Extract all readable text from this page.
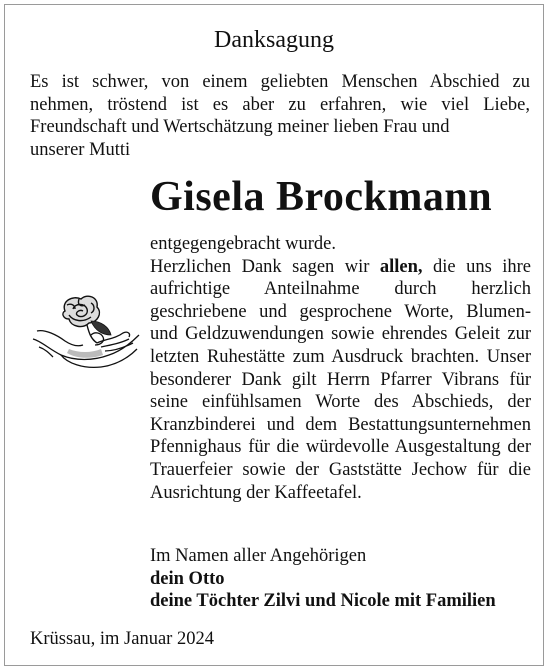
Danksagung
Es ist schwer, von einem geliebten Menschen Abschied zu nehmen, tröstend ist es aber zu erfahren, wie viel Liebe, Freundschaft und Wertschätzung meiner lieben Frau und
unserer Mutti
Gisela Brockmann

entgegengebracht wurde.

Herzlichen Dank sagen wir allen, die uns ihre aufrichtige Anteilnahme durch herzlich geschriebene und gesprochene Worte, Blumen- und Geldzuwendungen sowie ehrendes Geleit zur letzten Ruhestätte zum Ausdruck brachten. Unser besonderer Dank gilt Herrn Pfarrer Vibrans für seine einfühlsamen Worte des Abschieds, der Kranzbinderei und dem Bestattungsunternehmen Pfennighaus für die würdevolle Ausgestaltung der Trauerfeier sowie der Gaststätte Jechow für die Ausrichtung der Kaffeetafel.

Im Namen aller Angehörigen
dein Otto
deine Töchter Zilvi und Nicole mit Familien
Krüssau, im Januar 2024
